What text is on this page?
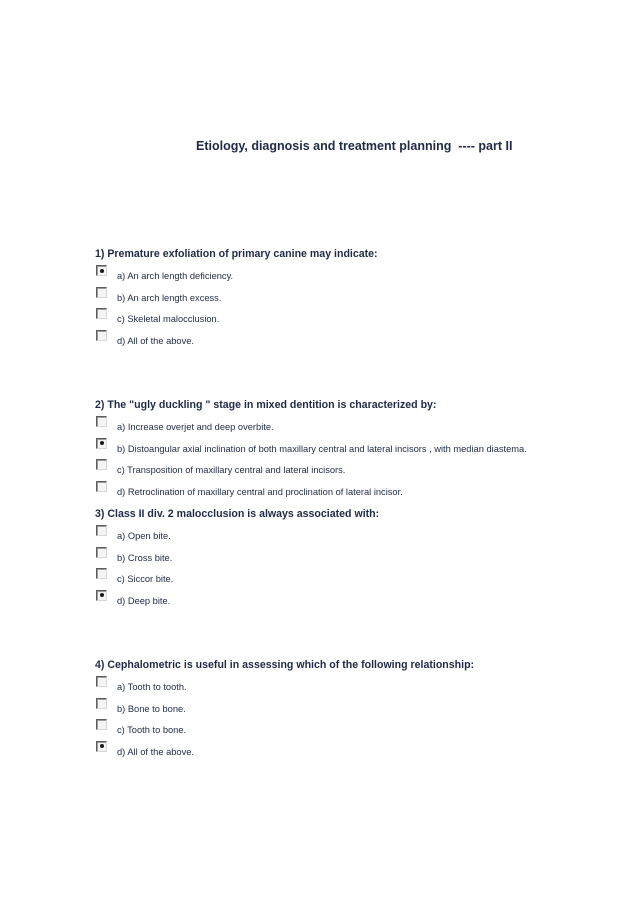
Etiology, diagnosis and treatment planning  ---- part II
1) Premature exfoliation of primary canine may indicate:
a) An arch length deficiency.
b) An arch length excess.
c) Skeletal malocclusion.
d) All of the above.
2) The "ugly duckling " stage in mixed dentition is characterized by:
a) Increase overjet and deep overbite.
b) Distoangular axial inclination of both maxillary central and lateral incisors , with median diastema.
c) Transposition of maxillary central and lateral incisors.
d) Retroclination of maxillary central and proclination of lateral incisor.
3) Class II div. 2 malocclusion is always associated with:
a) Open bite.
b) Cross bite.
c) Siccor bite.
d) Deep bite.
4) Cephalometric is useful in assessing which of the following relationship:
a) Tooth to tooth.
b) Bone to bone.
c) Tooth to bone.
d) All of the above.
